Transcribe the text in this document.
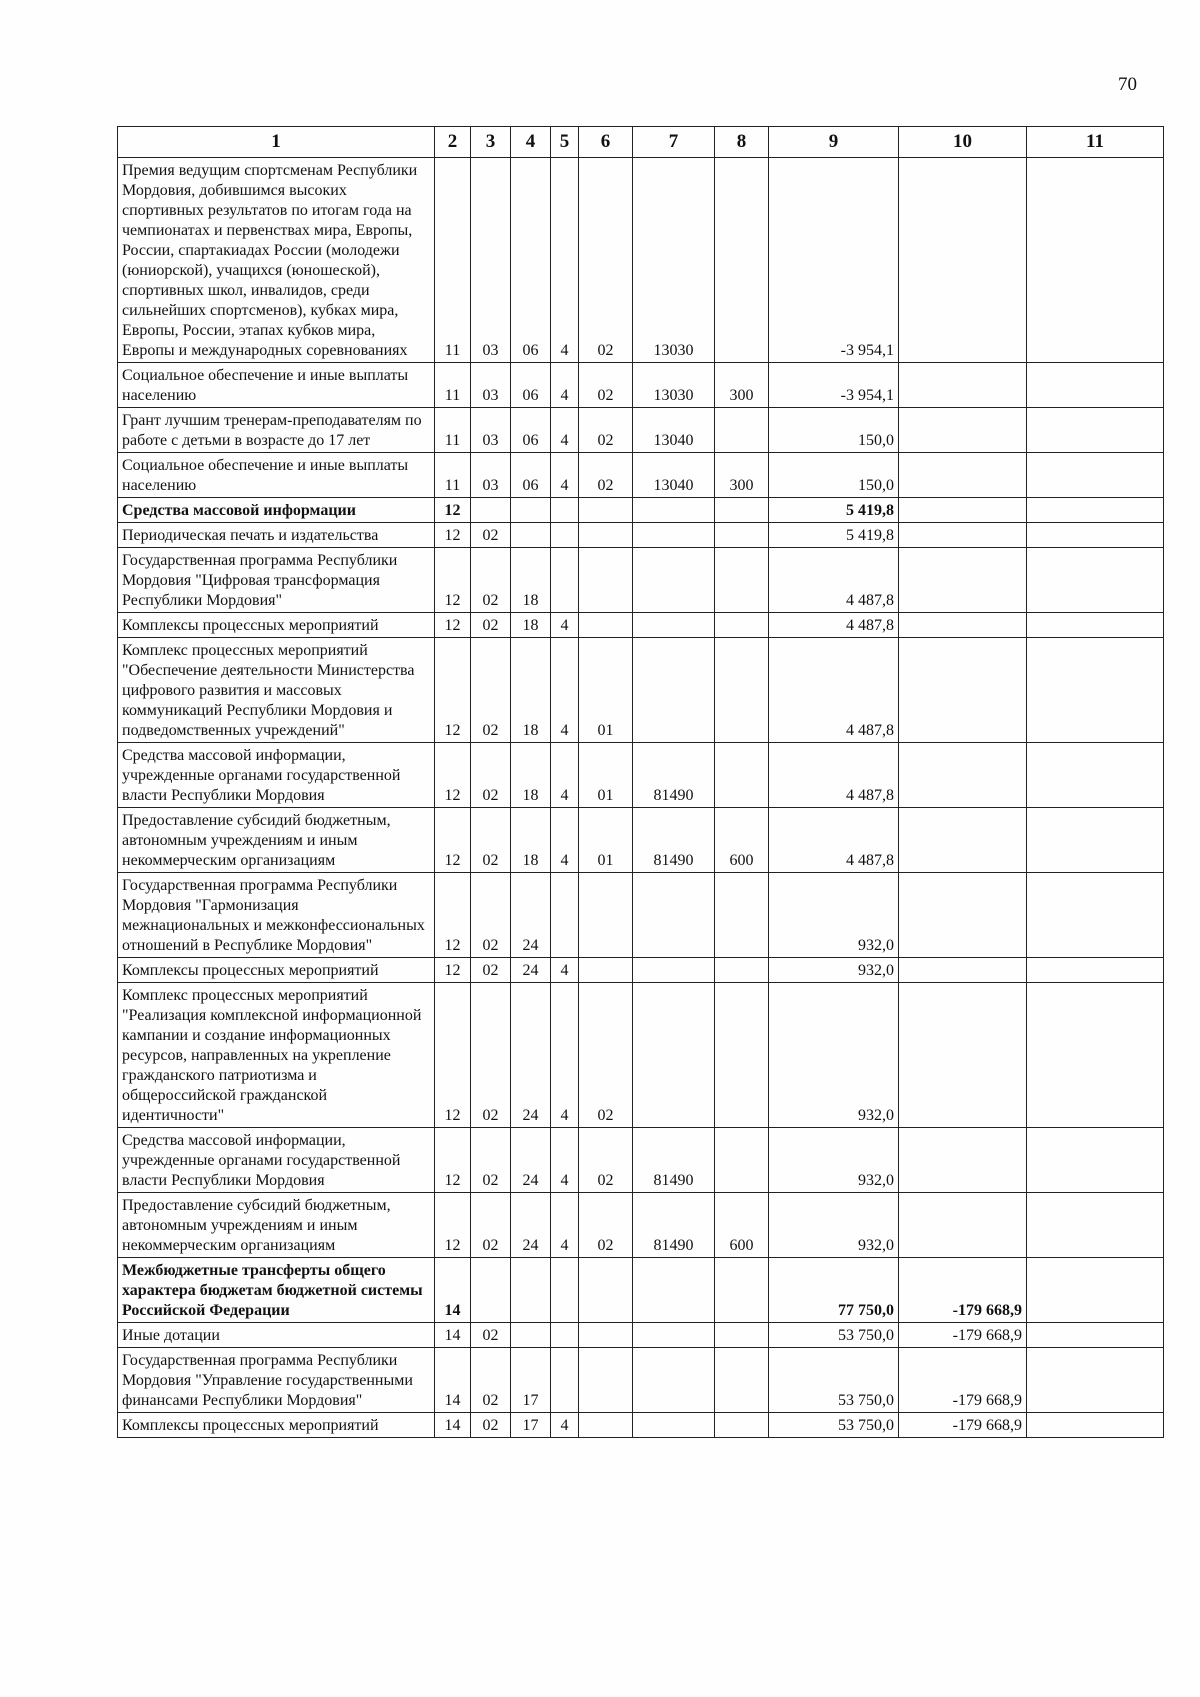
70
1	2	3	4	5	6	7	8	9	10	11
Премия ведущим спортсменам Республики Мордовия, добившимся высоких спортивных результатов по итогам года на чемпионатах и первенствах мира, Европы, России, спартакиадах России (молодежи (юниорской), учащихся (юношеской), спортивных школ, инвалидов, среди сильнейших спортсменов), кубках мира, Европы, России, этапах кубков мира, Европы и международных соревнованиях	11	03	06	4	02	13030		-3 954,1		
Социальное обеспечение и иные выплаты населению	11	03	06	4	02	13030	300	-3 954,1		
Грант лучшим тренерам-преподавателям по работе с детьми в возрасте до 17 лет	11	03	06	4	02	13040		150,0		
Социальное обеспечение и иные выплаты населению	11	03	06	4	02	13040	300	150,0		
Средства массовой информации	12							5 419,8		
Периодическая печать и издательства	12	02						5 419,8		
Государственная программа Республики Мордовия "Цифровая трансформация Республики Мордовия"	12	02	18					4 487,8		
Комплексы процессных мероприятий	12	02	18	4				4 487,8		
Комплекс процессных мероприятий "Обеспечение деятельности Министерства цифрового развития и массовых коммуникаций Республики Мордовия и подведомственных учреждений"	12	02	18	4	01			4 487,8		
Средства массовой информации, учрежденные органами государственной власти Республики Мордовия	12	02	18	4	01	81490		4 487,8		
Предоставление субсидий бюджетным, автономным учреждениям и иным некоммерческим организациям	12	02	18	4	01	81490	600	4 487,8		
Государственная программа Республики Мордовия "Гармонизация межнациональных и межконфессиональных отношений в Республике Мордовия"	12	02	24					932,0		
Комплексы процессных мероприятий	12	02	24	4				932,0		
Комплекс процессных мероприятий "Реализация комплексной информационной кампании и создание информационных ресурсов, направленных на укрепление гражданского патриотизма и общероссийской гражданской идентичности"	12	02	24	4	02			932,0		
Средства массовой информации, учрежденные органами государственной власти Республики Мордовия	12	02	24	4	02	81490		932,0		
Предоставление субсидий бюджетным, автономным учреждениям и иным некоммерческим организациям	12	02	24	4	02	81490	600	932,0		
Межбюджетные трансферты общего характера бюджетам бюджетной системы Российской Федерации	14							77 750,0	-179 668,9	
Иные дотации	14	02						53 750,0	-179 668,9	
Государственная программа Республики Мордовия "Управление государственными финансами Республики Мордовия"	14	02	17					53 750,0	-179 668,9	
Комплексы процессных мероприятий	14	02	17	4				53 750,0	-179 668,9	
